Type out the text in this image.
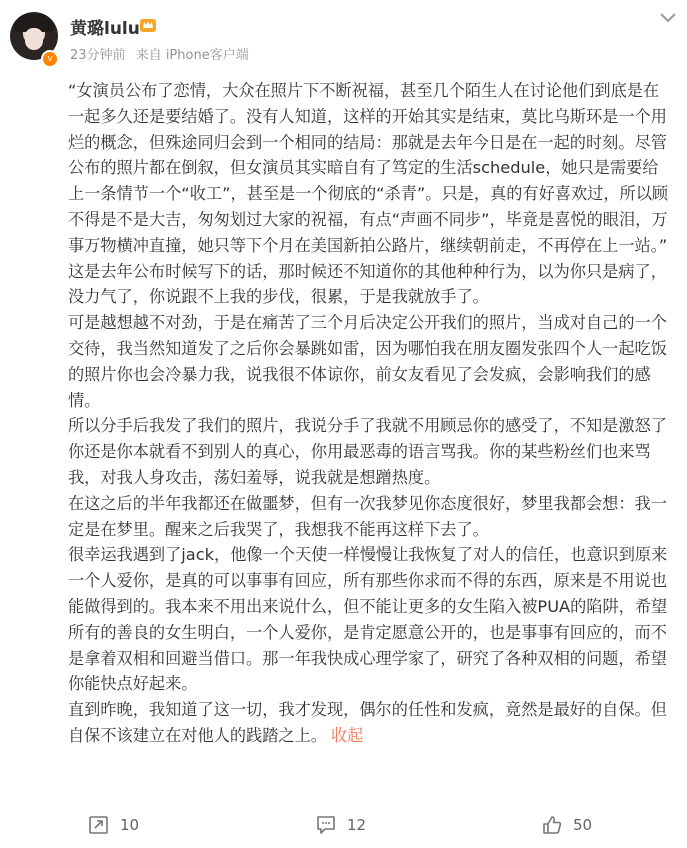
v
黄璐lulu
23分钟前 来自 iPhone客户端

“女演员公布了恋情，大众在照片下不断祝福，甚至几个陌生人在讨论他们到底是在一起多久还是要结婚了。没有人知道，这样的开始其实是结束，莫比乌斯环是一个用烂的概念，但殊途同归会到一个相同的结局：那就是去年今日是在一起的时刻。尽管公布的照片都在倒叙，但女演员其实暗自有了笃定的生活schedule，她只是需要给上一条情节一个“收工”，甚至是一个彻底的“杀青”。只是，真的有好喜欢过，所以顾不得是不是大吉，匆匆划过大家的祝福，有点“声画不同步”，毕竟是喜悦的眼泪，万事万物横冲直撞，她只等下个月在美国新拍公路片，继续朝前走，不再停在上一站。”

这是去年公布时候写下的话，那时候还不知道你的其他种种行为，以为你只是病了，没力气了，你说跟不上我的步伐，很累，于是我就放手了。

可是越想越不对劲，于是在痛苦了三个月后决定公开我们的照片，当成对自己的一个交待，我当然知道发了之后你会暴跳如雷，因为哪怕我在朋友圈发张四个人一起吃饭的照片你也会冷暴力我，说我很不体谅你，前女友看见了会发疯，会影响我们的感情。

所以分手后我发了我们的照片，我说分手了我就不用顾忌你的感受了，不知是激怒了你还是你本就看不到别人的真心，你用最恶毒的语言骂我。你的某些粉丝们也来骂我，对我人身攻击，荡妇羞辱，说我就是想蹭热度。

在这之后的半年我都还在做噩梦，但有一次我梦见你态度很好，梦里我都会想：我一定是在梦里。醒来之后我哭了，我想我不能再这样下去了。

很幸运我遇到了jack，他像一个天使一样慢慢让我恢复了对人的信任，也意识到原来一个人爱你，是真的可以事事有回应，所有那些你求而不得的东西，原来是不用说也能做得到的。我本来不用出来说什么，但不能让更多的女生陷入被PUA的陷阱，希望所有的善良的女生明白，一个人爱你，是肯定愿意公开的，也是事事有回应的，而不是拿着双相和回避当借口。那一年我快成心理学家了，研究了各种双相的问题，希望你能快点好起来。

直到昨晚，我知道了这一切，我才发现，偶尔的任性和发疯，竟然是最好的自保。但自保不该建立在对他人的践踏之上。 收起

10	12	50
